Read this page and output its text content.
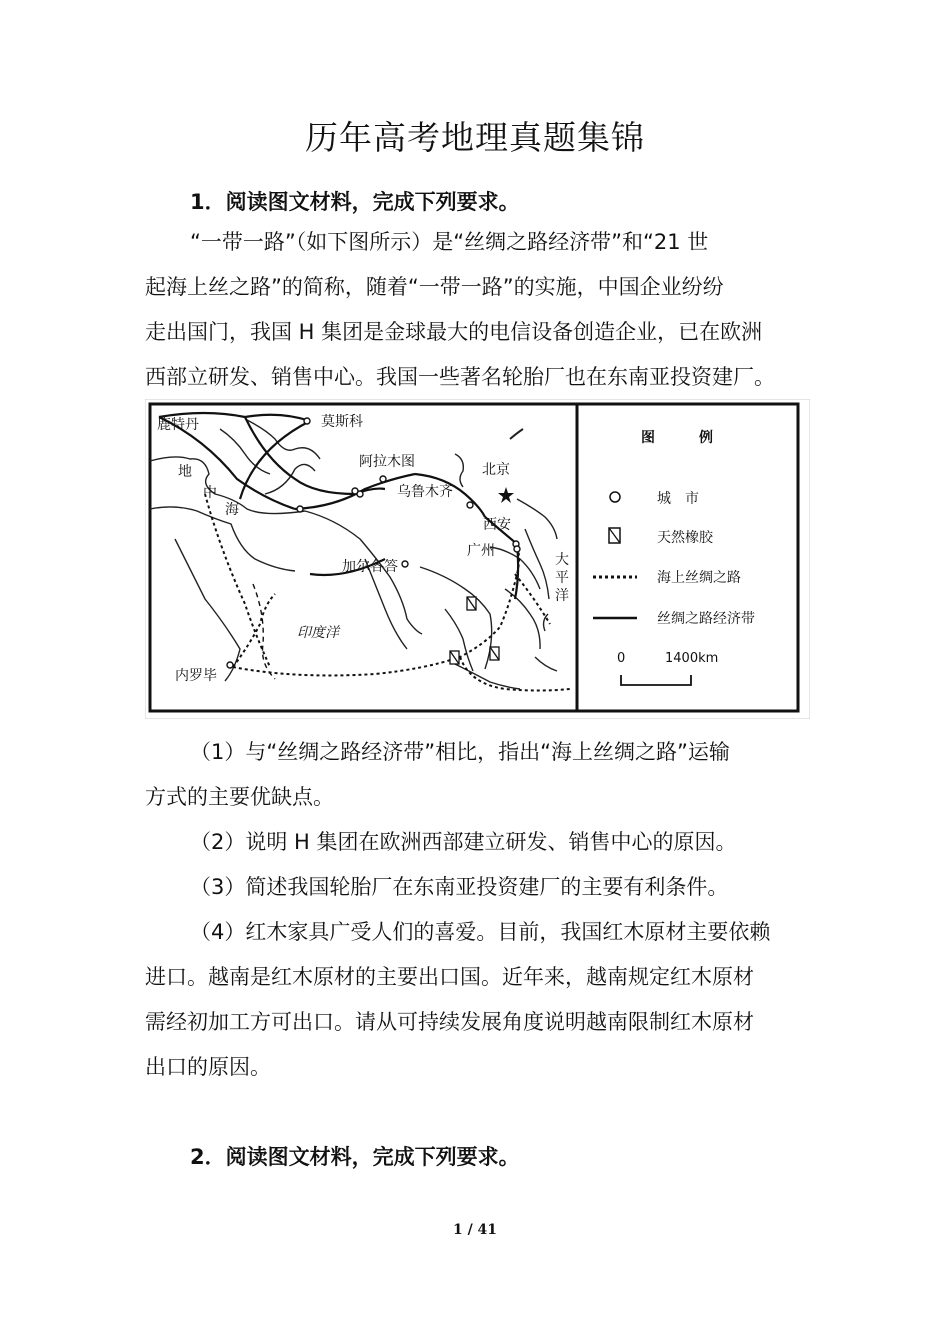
历年高考地理真题集锦
1．阅读图文材料，完成下列要求。

“一带一路”（如下图所示）是“丝绸之路经济带”和“21 世
起海上丝之路”的简称，随着“一带一路”的实施，中国企业纷纷
走出国门，我国 H 集团是金球最大的电信设备创造企业，已在欧洲
西部立研发、销售中心。我国一些著名轮胎厂也在东南亚投资建厂。

鹿特丹	莫斯科
阿拉木图
乌鲁木齐
北京
西安
广州
加尔各答
内罗毕
印度洋
大
平
洋
地
中
海
图	例
城　市
天然橡胶
海上丝绸之路
丝绸之路经济带
0	1400km

（1）与“丝绸之路经济带”相比，指出“海上丝绸之路”运输
方式的主要优缺点。
（2）说明 H 集团在欧洲西部建立研发、销售中心的原因。
（3）简述我国轮胎厂在东南亚投资建厂的主要有利条件。
（4）红木家具广受人们的喜爱。目前，我国红木原材主要依赖
进口。越南是红木原材的主要出口国。近年来，越南规定红木原材
需经初加工方可出口。请从可持续发展角度说明越南限制红木原材
出口的原因。

2．阅读图文材料，完成下列要求。
1 / 41
